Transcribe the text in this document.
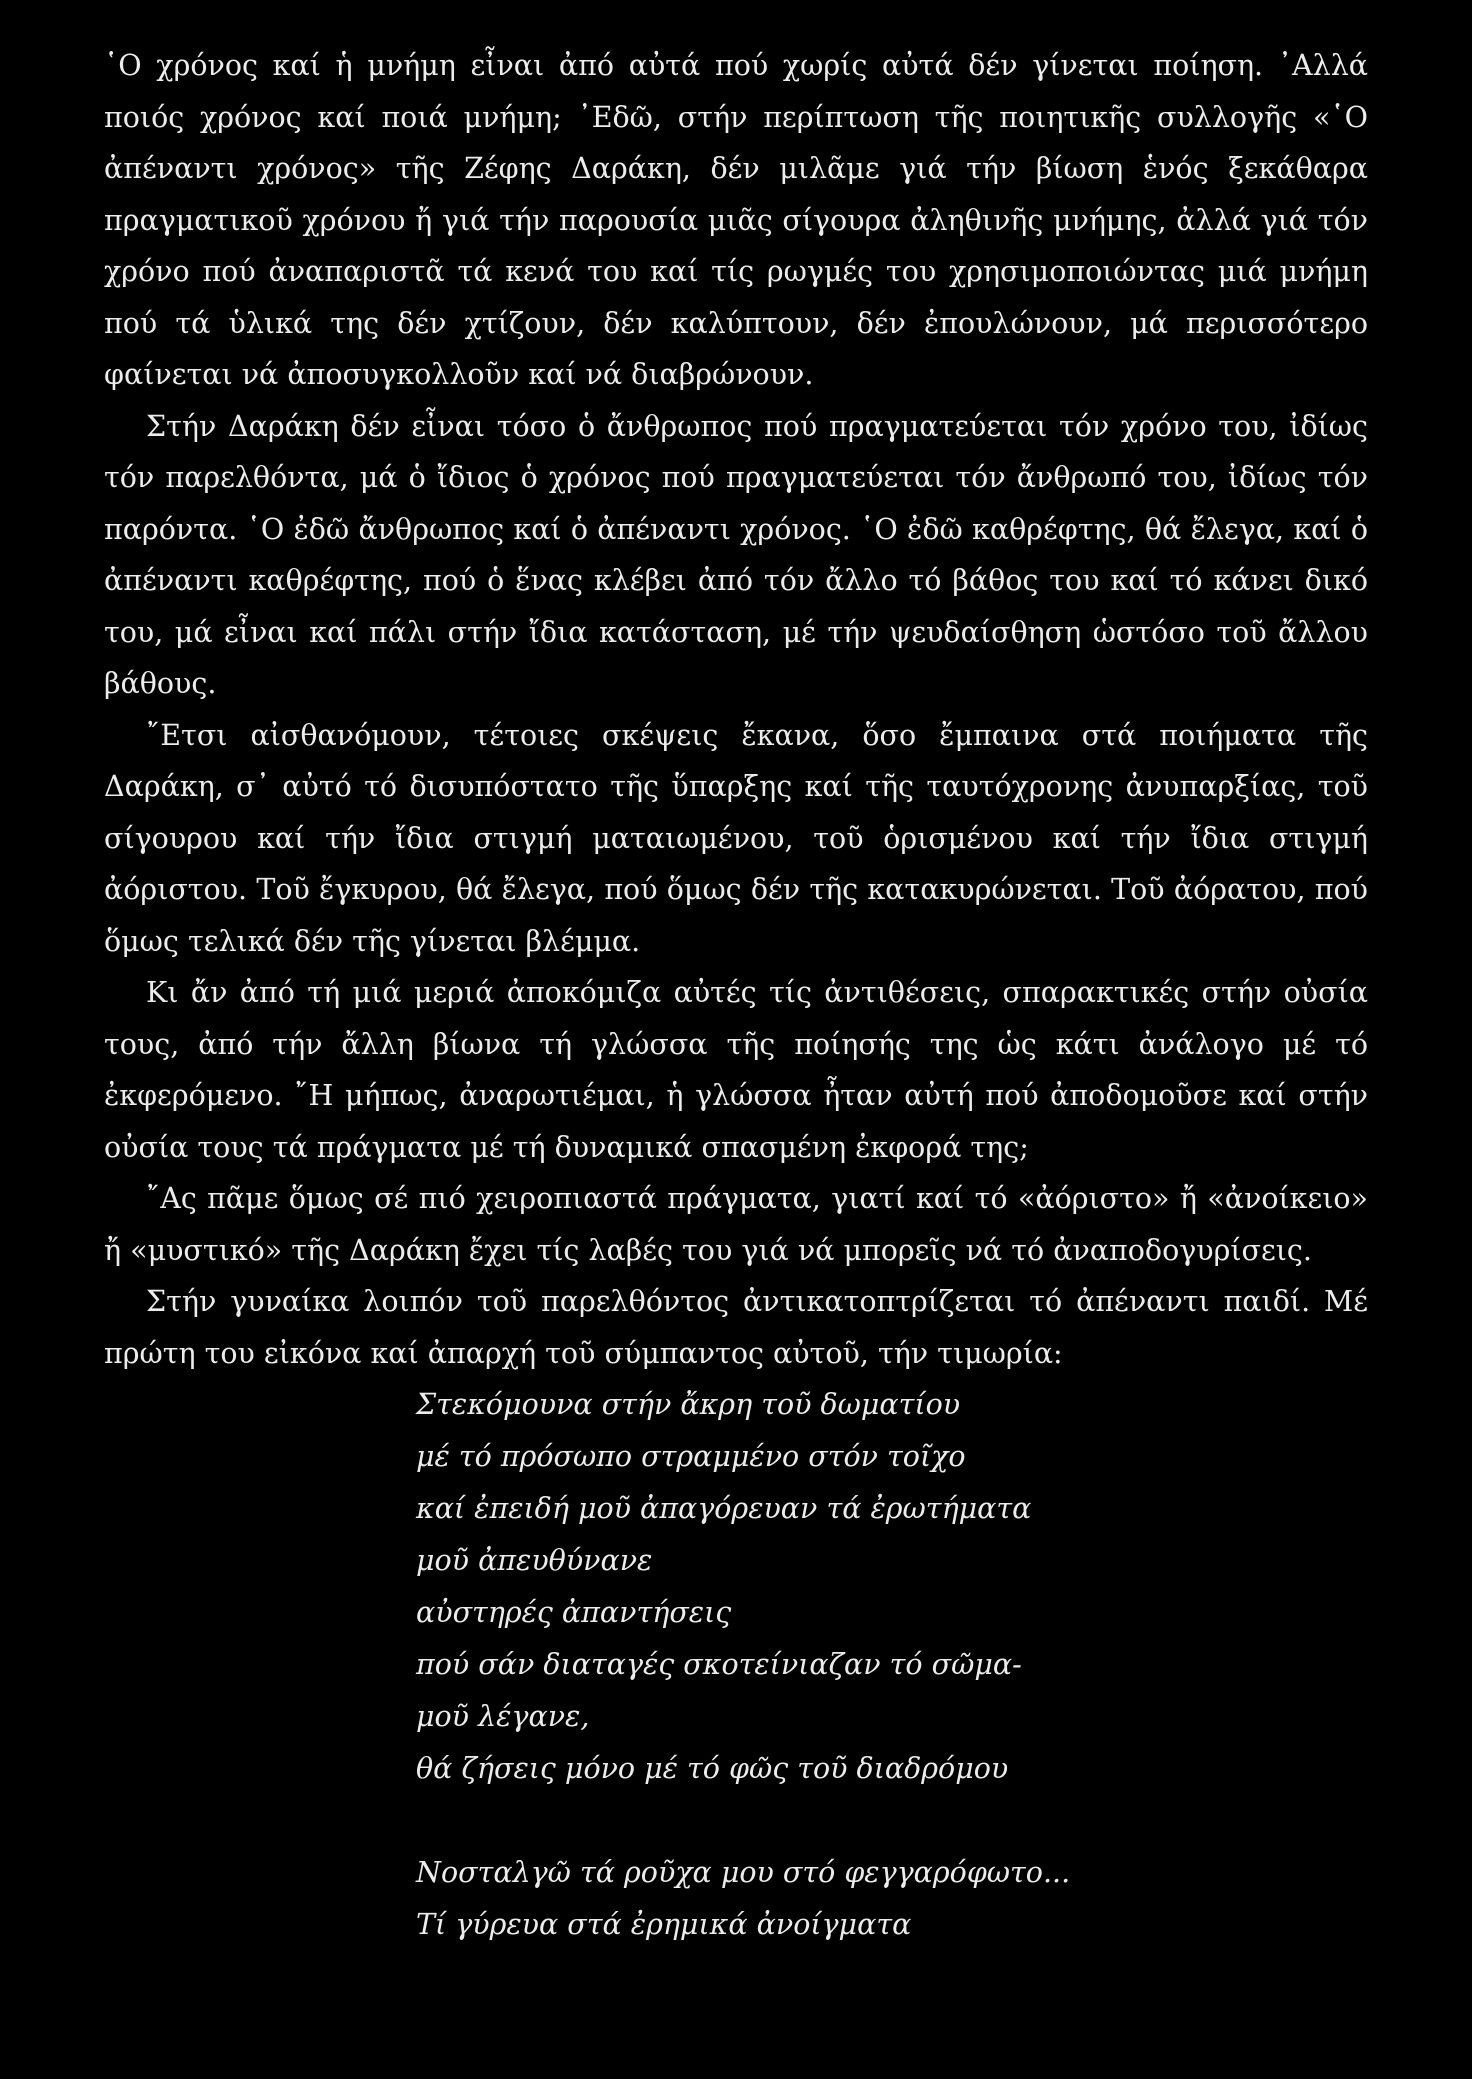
῾Ο χρόνος καί ἡ μνήμη εἶναι ἀπό αὐτά πού χωρίς αὐτά δέν γίνεται ποίηση. ᾿Αλλά ποιός χρόνος καί ποιά μνήμη; ᾿Εδῶ, στήν περίπτωση τῆς ποιητικῆς συλλογῆς «῾Ο ἀπέναντι χρόνος» τῆς Ζέφης Δαράκη, δέν μιλᾶμε γιά τήν βίωση ἑνός ξεκάθαρα πραγματικοῦ χρόνου ἤ γιά τήν παρουσία μιᾶς σίγουρα ἀληθινῆς μνήμης, ἀλλά γιά τόν χρόνο πού ἀναπαριστᾶ τά κενά του καί τίς ρωγμές του χρησιμοποιώντας μιά μνήμη πού τά ὑλικά της δέν χτίζουν, δέν καλύπτουν, δέν ἐπουλώνουν, μά περισσότερο φαίνεται νά ἀποσυγκολλοῦν καί νά διαβρώνουν.

Στήν Δαράκη δέν εἶναι τόσο ὁ ἄνθρωπος πού πραγματεύεται τόν χρόνο του, ἰδίως τόν παρελθόντα, μά ὁ ἴδιος ὁ χρόνος πού πραγματεύεται τόν ἄνθρωπό του, ἰδίως τόν παρόντα. ῾Ο ἐδῶ ἄνθρωπος καί ὁ ἀπέναντι χρόνος. ῾Ο ἐδῶ καθρέφτης, θά ἔλεγα, καί ὁ ἀπέναντι καθρέφτης, πού ὁ ἕνας κλέβει ἀπό τόν ἄλλο τό βάθος του καί τό κάνει δικό του, μά εἶναι καί πάλι στήν ἴδια κατάσταση, μέ τήν ψευδαίσθηση ὡστόσο τοῦ ἄλλου βάθους.

῎Ετσι αἰσθανόμουν, τέτοιες σκέψεις ἔκανα, ὅσο ἔμπαινα στά ποιήματα τῆς Δαράκη, σ᾿ αὐτό τό δισυπόστατο τῆς ὕπαρξης καί τῆς ταυτόχρονης ἀνυπαρξίας, τοῦ σίγουρου καί τήν ἴδια στιγμή ματαιωμένου, τοῦ ὁρισμένου καί τήν ἴδια στιγμή ἀόριστου. Τοῦ ἔγκυρου, θά ἔλεγα, πού ὅμως δέν τῆς κατακυρώνεται. Τοῦ ἀόρατου, πού ὅμως τελικά δέν τῆς γίνεται βλέμμα.

Κι ἄν ἀπό τή μιά μεριά ἀποκόμιζα αὐτές τίς ἀντιθέσεις, σπαρακτικές στήν οὐσία τους, ἀπό τήν ἄλλη βίωνα τή γλώσσα τῆς ποίησής της ὡς κάτι ἀνάλογο μέ τό ἐκφερόμενο. ῎Η μήπως, ἀναρωτιέμαι, ἡ γλώσσα ἦταν αὐτή πού ἀποδομοῦσε καί στήν οὐσία τους τά πράγματα μέ τή δυναμικά σπασμένη ἐκφορά της;

῎Ας πᾶμε ὅμως σέ πιό χειροπιαστά πράγματα, γιατί καί τό «ἀόριστο» ἤ «ἀνοίκειο» ἤ «μυστικό» τῆς Δαράκη ἔχει τίς λαβές του γιά νά μπορεῖς νά τό ἀναποδογυρίσεις.

Στήν γυναίκα λοιπόν τοῦ παρελθόντος ἀντικατοπτρίζεται τό ἀπέναντι παιδί. Μέ πρώτη του εἰκόνα καί ἀπαρχή τοῦ σύμπαντος αὐτοῦ, τήν τιμωρία:

Στεκόμουνα στήν ἄκρη τοῦ δωματίου
μέ τό πρόσωπο στραμμένο στόν τοῖχο
καί ἐπειδή μοῦ ἀπαγόρευαν τά ἐρωτήματα
μοῦ ἀπευθύνανε
αὐστηρές ἀπαντήσεις
πού σάν διαταγές σκοτείνιαζαν τό σῶμα-
μοῦ λέγανε,
θά ζήσεις μόνο μέ τό φῶς τοῦ διαδρόμου
Νοσταλγῶ τά ροῦχα μου στό φεγγαρόφωτο...
Τί γύρευα στά ἐρημικά ἀνοίγματα
